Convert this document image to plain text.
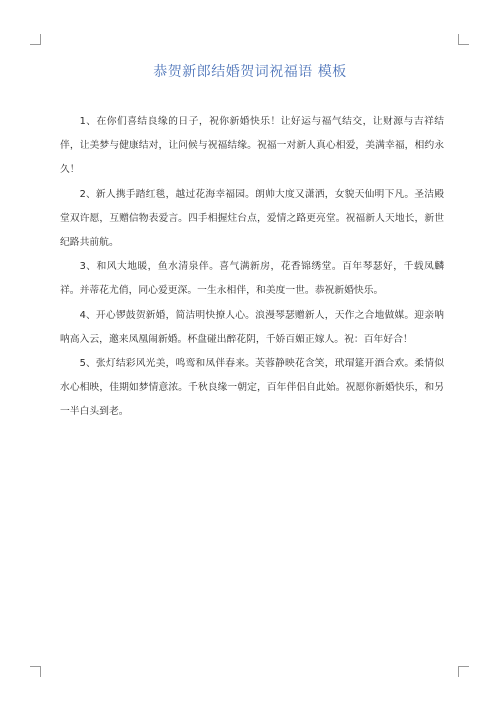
恭贺新郎结婚贺词祝福语 模板

1、在你们喜结良缘的日子，祝你新婚快乐！让好运与福气结交，让财源与吉祥结伴，让美梦与健康结对，让问候与祝福结缘。祝福一对新人真心相爱，美满幸福，相约永久！

2、新人携手踏红毯，越过花海幸福园。朗帅大度又潇洒，女貌天仙明下凡。圣洁殿堂双许愿，互赠信物表爱言。四手相握炷台点，爱情之路更亮堂。祝福新人天地长，新世纪路共前航。

3、和风大地暖，鱼水清泉伴。喜气满新房，花香锦绣堂。百年琴瑟好，千载凤麟祥。并蒂花尤俏，同心爱更深。一生永相伴，和美度一世。恭祝新婚快乐。

4、开心锣鼓贺新婚，简洁明快撩人心。浪漫琴瑟赠新人，天作之合地做媒。迎亲呐呐高入云，邀来凤凰闹新婚。杯盘碰出醉花阴，千娇百媚正嫁人。祝：百年好合！

5、张灯结彩风光美，鸣鸾和凤伴春来。芙蓉静映花含笑，玳瑁筵开酒合欢。柔情似水心相映，佳期如梦情意浓。千秋良缘一朝定，百年伴侣自此始。祝愿你新婚快乐，和另一半白头到老。
